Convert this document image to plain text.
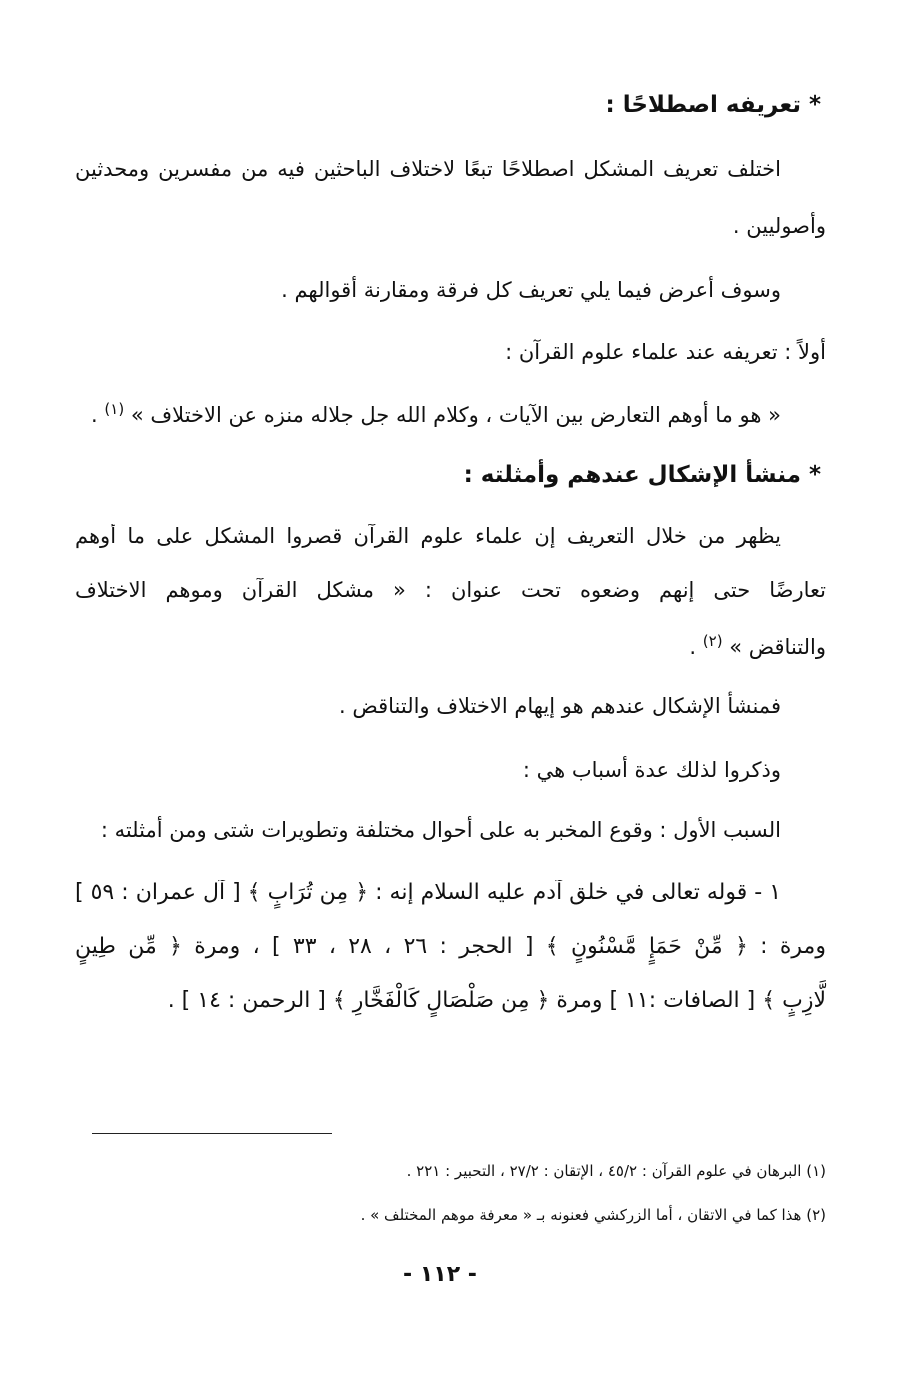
* تعريفه اصطلاحًا :
اختلف تعريف المشكل اصطلاحًا تبعًا لاختلاف الباحثين فيه من مفسرين ومحدثين
وأصوليين .
وسوف أعرض فيما يلي تعريف كل فرقة ومقارنة أقوالهم .
أولاً : تعريفه عند علماء علوم القرآن :
« هو ما أوهم التعارض بين الآيات ، وكلام الله جل جلاله منزه عن الاختلاف » $^{(١)}$ .
* منشأ الإشكال عندهم وأمثلته :
يظهر من خلال التعريف إن علماء علوم القرآن قصروا المشكل على ما أوهم
تعارضًا حتى إنهم وضعوه تحت عنوان : « مشكل القرآن وموهم الاختلاف
والتناقض » $^{(٢)}$ .
فمنشأ الإشكال عندهم هو إيهام الاختلاف والتناقض .
وذكروا لذلك عدة أسباب هي :
السبب الأول : وقوع المخبر به على أحوال مختلفة وتطويرات شتى ومن أمثلته :
١ - قوله تعالى في خلق آدم عليه السلام إنه : ﴿ مِن تُرَابٍ ﴾ [ آل عمران : ٥٩ ]
ومرة : ﴿ مِّنْ حَمَإٍ مَّسْنُونٍ ﴾ [ الحجر : ٢٦ ، ٢٨ ، ٣٣ ] ، ومرة ﴿ مِّن طِينٍ
لَّازِبٍ ﴾ [ الصافات :١١ ] ومرة ﴿ مِن صَلْصَالٍ كَالْفَخَّارِ ﴾ [ الرحمن : ١٤ ] .
(١) البرهان في علوم القرآن : ٤٥/٢ ، الإتقان : ٢٧/٢ ، التحبير : ٢٢١ .
(٢) هذا كما في الاتقان ، أما الزركشي فعنونه بـ « معرفة موهم المختلف » .
- ١١٢ -
